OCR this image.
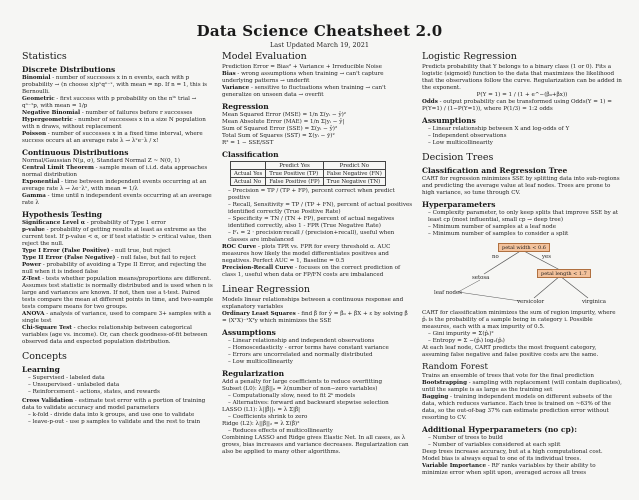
Data Science Cheatsheet 2.0
Last Updated March 19, 2021
Statistics
Discrete Distributions

Binomial - number of successes x in n events, each with p probability → (n choose x)pˣqⁿ⁻ˣ, with mean = np. If n = 1, this is Bernoulli.

Geometric - first success with p probability on the nᵗʰ trial → qⁿ⁻¹p, with mean = 1/p

Negative Binomial - number of failures before r successes

Hypergeometric - number of successes x in a size N population with n draws, without replacement

Poisson - number of successes x in a fixed time interval, where success occurs at an average rate λ → λˣe⁻λ / x!

Continuous Distributions

Normal/Gaussian N(μ, σ), Standard Normal Z ~ N(0, 1)

Central Limit Theorem - sample mean of i.i.d. data approaches normal distribution

Exponential - time between independent events occurring at an average rate λ → λe⁻λˣ, with mean = 1/λ

Gamma - time until n independent events occurring at an average rate λ

Hypothesis Testing

Significance Level α - probability of Type 1 error

p-value - probability of getting results at least as extreme as the current test. If p-value < α, or if test statistic > critical value, then reject the null.

Type I Error (False Positive) - null true, but reject

Type II Error (False Negative) - null false, but fail to reject

Power - probability of avoiding a Type II Error, and rejecting the null when it is indeed false

Z-Test - tests whether population means/proportions are different. Assumes test statistic is normally distributed and is used when n is large and variances are known. If not, then use a t-test. Paired tests compare the mean at different points in time, and two-sample tests compare means for two groups.

ANOVA - analysis of variance, used to compare 3+ samples with a single test

Chi-Square Test - checks relationship between categorical variables (age vs. income). Or, can check goodness-of-fit between observed data and expected population distribution.

Concepts
Learning
– Supervised - labeled data
– Unsupervised - unlabeled data
– Reinforcement - actions, states, and rewards

Cross Validation - estimate test error with a portion of training data to validate accuracy and model parameters

– k-fold - divide data into k groups, and use one to validate
– leave-p-out - use p samples to validate and the rest to train
Model Evaluation

Prediction Error = Bias² + Variance + Irreducible Noise

Bias - wrong assumptions when training → can't capture underlying patterns → underfit

Variance - sensitive to fluctuations when training → can't generalize on unseen data → overfit

Regression

Mean Squared Error (MSE) = 1/n Σ(yᵢ − ŷ)²

Mean Absolute Error (MAE) = 1/n Σ|yᵢ − ŷ|

Sum of Squared Error (SSE) = Σ(yᵢ − ŷ)²

Total Sum of Squares (SST) = Σ(yᵢ − ȳ)²

R² = 1 − SSE/SST

Classification
	Predict Yes	Predict No
Actual Yes	True Positive (TP)	False Negative (FN)
Actual No	False Positive (FP)	True Negative (TN)
– Precision = TP / (TP + FP), percent correct when predict positive
– Recall, Sensitivity = TP / (TP + FN), percent of actual positives identified correctly (True Positive Rate)
– Specificity = TN / (TN + FP), percent of actual negatives identified correctly, also 1 - FPR (True Negative Rate)
– F₁ = 2 · precision·recall / (precision+recall), useful when classes are imbalanced

ROC Curve - plots TPR vs. FPR for every threshold α. AUC measures how likely the model differentiates positives and negatives. Perfect AUC = 1, Baseline = 0.5

Precision-Recall Curve - focuses on the correct prediction of class 1, useful when data or FP/FN costs are imbalanced

Linear Regression

Models linear relationships between a continuous response and explanatory variables

Ordinary Least Squares - find β̂ for ŷ = β̂₀ + β̂X + ε by solving β̂ = (XᵀX)⁻¹Xᵀy which minimizes the SSE

Assumptions
– Linear relationship and independent observations
– Homoscedasticity - error terms have constant variance
– Errors are uncorrelated and normally distributed
– Low multicollinearity
Regularization

Add a penalty for large coefficients to reduce overfitting

Subset (L0): λ||β̂||₀ = λ(number of non−zero variables)

– Computationally slow, need to fit 2ᵏ models
– Alternatives: forward and backward stepwise selection

LASSO (L1): λ||β̂||₁ = λ Σ|β̂|

– Coefficients shrink to zero

Ridge (L2): λ||β̂||₂ = λ Σ(β̂)²

– Reduces effects of multicollinearity

Combining LASSO and Ridge gives Elastic Net. In all cases, as λ grows, bias increases and variance decreases. Regularization can also be applied to many other algorithms.

Logistic Regression

Predicts probability that Y belongs to a binary class (1 or 0). Fits a logistic (sigmoid) function to the data that maximizes the likelihood that the observations follow the curve. Regularization can be added in the exponent.

P(Y = 1) = 1 / (1 + e^−(β₀+βx))

Odds - output probability can be transformed using Odds(Y = 1) = P(Y=1) / (1−P(Y=1)), where P(1/3) = 1:2 odds

Assumptions
– Linear relationship between X and log-odds of Y
– Independent observations
– Low multicollinearity
Decision Trees
Classification and Regression Tree

CART for regression minimizes SSE by splitting data into sub-regions and predicting the average value at leaf nodes. Trees are prone to high variance, so tune through CV.

Hyperparameters
– Complexity parameter, to only keep splits that improve SSE by at least cp (most influential, small cp → deep tree)
– Minimum number of samples at a leaf node
– Minimum number of samples to consider a split
petal width < 0.6
no	yes
setosa
petal length < 1.7
leaf nodes
versicolor	virginica

CART for classification minimizes the sum of region impurity, where p̂ᵢ is the probability of a sample being in category i. Possible measures, each with a max impurity of 0.5.

– Gini impurity = Σ(p̂ᵢ)²
– Entropy = Σ −(p̂ᵢ) log₂(p̂ᵢ)

At each leaf node, CART predicts the most frequent category, assuming false negative and false positive costs are the same.

Random Forest

Trains an ensemble of trees that vote for the final prediction

Bootstrapping - sampling with replacement (will contain duplicates), until the sample is as large as the training set

Bagging - training independent models on different subsets of the data, which reduces variance. Each tree is trained on ~63% of the data, so the out-of-bag 37% can estimate prediction error without resorting to CV.

Additional Hyperparameters (no cp):
– Number of trees to build
– Number of variables considered at each split

Deep trees increase accuracy, but at a high computational cost. Model bias is always equal to one of its individual trees.

Variable Importance - RF ranks variables by their ability to minimize error when split upon, averaged across all trees
